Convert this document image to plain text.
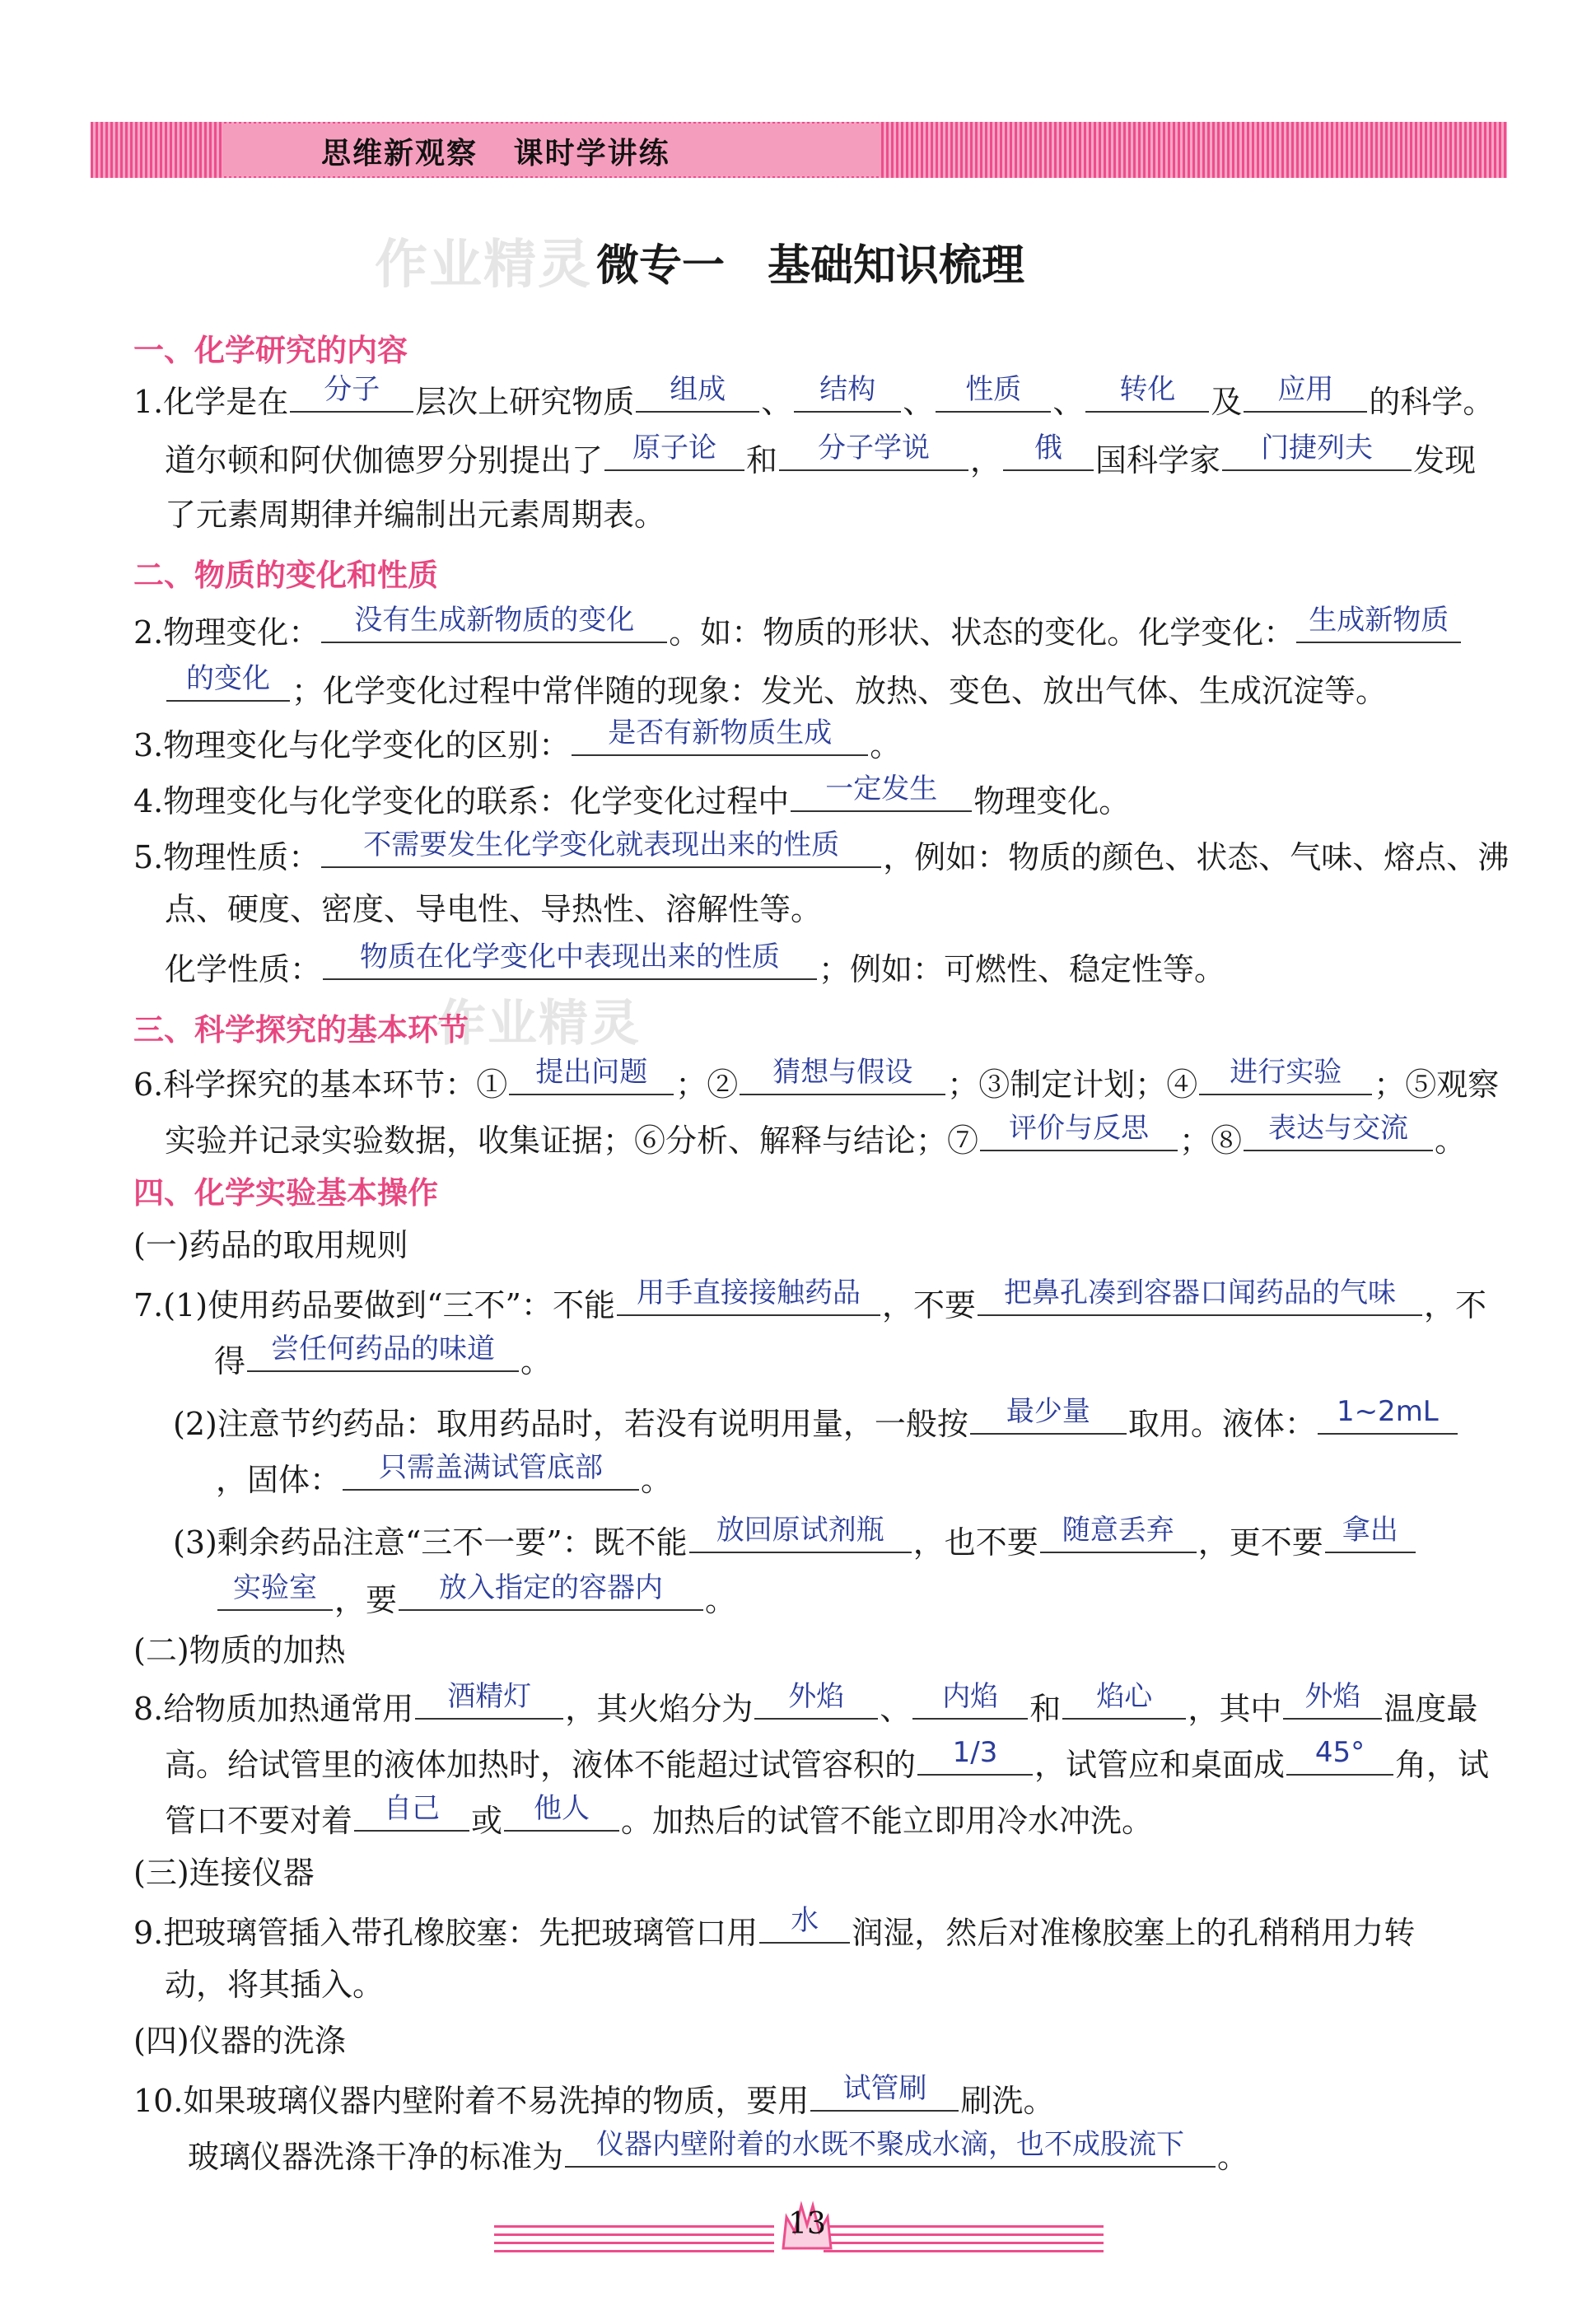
思维新观察 课时学讲练
作业精灵 微专一　基础知识梳理
一、化学研究的内容
1.化学是在	分子	层次上研究物质	组成	、 结构 、	性质	、	转化	及	应用	的科学。
道尔顿和阿伏伽德罗分别提出了	原子论 和	分子学说	，	俄	国科学家	门捷列夫	发现
了元素周期律并编制出元素周期表。
二、物质的变化和性质
2.物理变化：	没有生成新物质的变化	。如：物质的形状、状态的变化。化学变化： 生成新物质
的变化 ；化学变化过程中常伴随的现象：发光、放热、变色、放出气体、生成沉淀等。
3.物理变化与化学变化的区别：	是否有新物质生成	。
4.物理变化与化学变化的联系：化学变化过程中	一定发生	物理变化。
5.物理性质：	不需要发生化学变化就表现出来的性质	，例如：物质的颜色、状态、气味、熔点、沸
点、硬度、密度、导电性、导热性、溶解性等。
化学性质：	物质在化学变化中表现出来的性质	；例如：可燃性、稳定性等。
作业精灵
三、科学探究的基本环节
6.科学探究的基本环节：①	提出问题 ；②	猜想与假设	；③制定计划；④	进行实验	；⑤观察
实验并记录实验数据，收集证据；⑥分析、解释与结论；⑦	评价与反思 ；⑧ 表达与交流 。
四、化学实验基本操作
(一)药品的取用规则
7.(1)使用药品要做到“三不”：不能 用手直接接触药品 ，不要	把鼻孔凑到容器口闻药品的气味 ，不
得 尝任何药品的味道 。
(2)注意节约药品：取用药品时，若没有说明用量，一般按	最少量	取用。液体： 1~2mL
，固体：	只需盖满试管底部	。
(3)剩余药品注意“三不一要”：既不能	放回原试剂瓶 ，也不要 随意丢弃 ，更不要 拿出
实验室 ，要	放入指定的容器内	。
(二)物质的加热
8.给物质加热通常用	酒精灯	，其火焰分为	外焰	、	内焰	和	焰心	，其中 外焰 温度最
高。给试管里的液体加热时，液体不能超过试管容积的	1/3	，试管应和桌面成	45° 角，试
管口不要对着	自己	或	他人	。加热后的试管不能立即用冷水冲洗。
(三)连接仪器
9.把玻璃管插入带孔橡胶塞：先把玻璃管口用	水	润湿，然后对准橡胶塞上的孔稍稍用力转
动，将其插入。
(四)仪器的洗涤
10.如果玻璃仪器内壁附着不易洗掉的物质，要用	试管刷	刷洗。
玻璃仪器洗涤干净的标准为	仪器内壁附着的水既不聚成水滴，也不成股流下	。
13
